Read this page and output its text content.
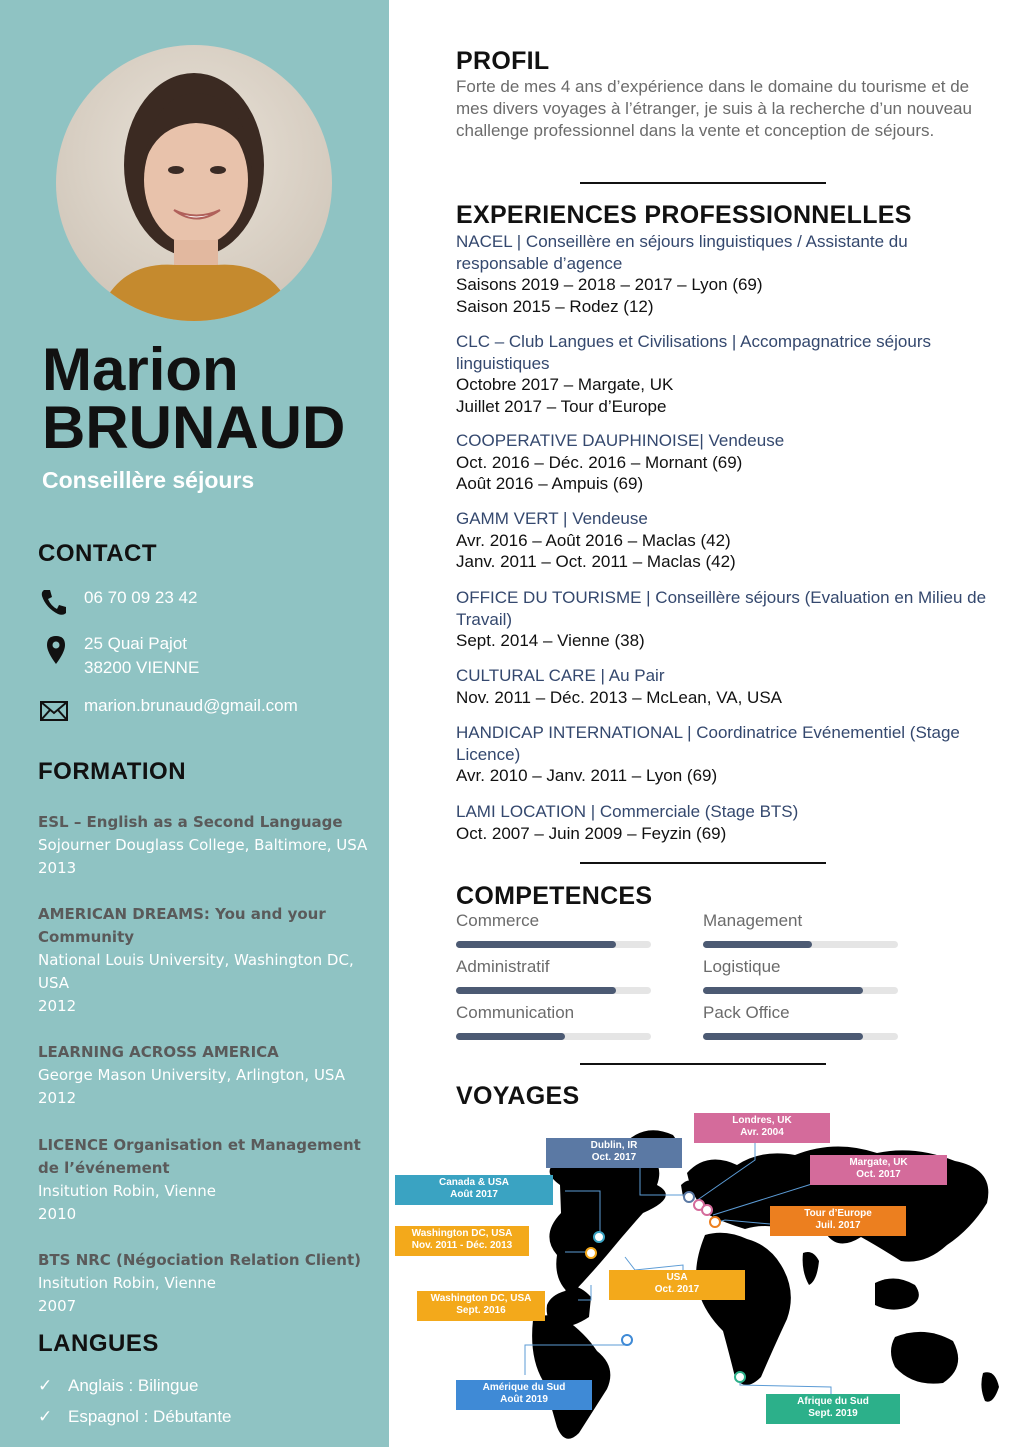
Marion
BRUNAUD
Conseillère séjours
CONTACT
06 70 09 23 42
25 Quai Pajot
38200 VIENNE
marion.brunaud@gmail.com
FORMATION
ESL – English as a Second Language
Sojourner Douglass College, Baltimore, USA
2013
AMERICAN DREAMS: You and your Community
National Louis University, Washington DC, USA
2012
LEARNING ACROSS AMERICA
George Mason University, Arlington, USA
2012
LICENCE Organisation et Management de l’événement
Insitution Robin, Vienne
2010
BTS NRC (Négociation Relation Client)
Insitution Robin, Vienne
2007
LANGUES
✓ Anglais : Bilingue
✓ Espagnol : Débutante
PROFIL
Forte de mes 4 ans d’expérience dans le domaine du tourisme et de mes divers voyages à l’étranger, je suis à la recherche d’un nouveau challenge professionnel dans la vente et conception de séjours.
EXPERIENCES PROFESSIONNELLES
NACEL | Conseillère en séjours linguistiques / Assistante du responsable d’agence
Saisons 2019 – 2018 – 2017 – Lyon (69)
Saison 2015 – Rodez (12)
CLC – Club Langues et Civilisations | Accompagnatrice séjours linguistiques
Octobre 2017 – Margate, UK
Juillet 2017 – Tour d’Europe
COOPERATIVE DAUPHINOISE| Vendeuse
Oct. 2016 – Déc. 2016 – Mornant (69)
Août 2016 – Ampuis (69)
GAMM VERT | Vendeuse
Avr. 2016 – Août 2016 – Maclas (42)
Janv. 2011 – Oct. 2011 – Maclas (42)
OFFICE DU TOURISME | Conseillère séjours (Evaluation en Milieu de Travail)
Sept. 2014 – Vienne (38)
CULTURAL CARE | Au Pair
Nov. 2011 – Déc. 2013 – McLean, VA, USA
HANDICAP INTERNATIONAL | Coordinatrice Evénementiel (Stage Licence)
Avr. 2010 – Janv. 2011 – Lyon (69)
LAMI LOCATION | Commerciale (Stage BTS)
Oct. 2007 – Juin 2009 – Feyzin (69)
COMPETENCES
Commerce	Management
Administratif	Logistique
Communication	Pack Office
VOYAGES
Londres, UK
Avr. 2004
Dublin, IR
Oct. 2017	Margate, UK
Oct. 2017
Canada & USA
Août 2017
Tour d’Europe
Juil. 2017
Washington DC, USA
Nov. 2011 - Déc. 2013
USA
Oct. 2017
Washington DC, USA
Sept. 2016
Amérique du Sud
Août 2019	Afrique du Sud
Sept. 2019
